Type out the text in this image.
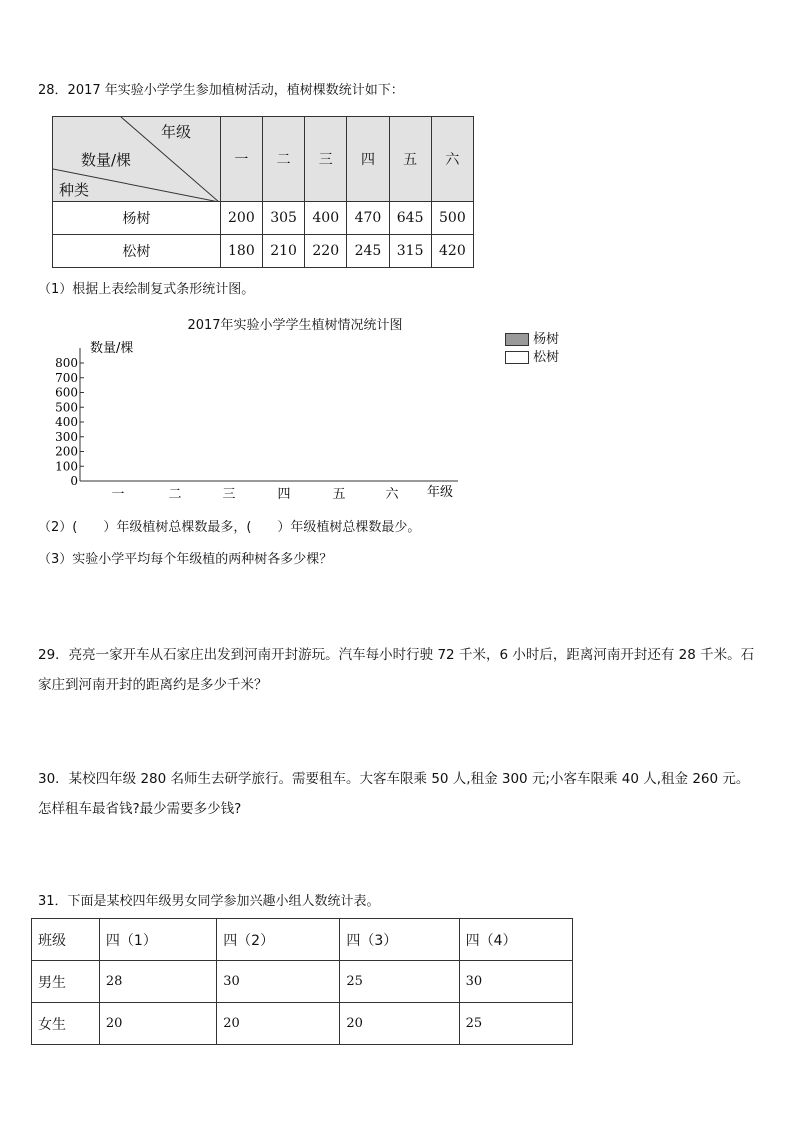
28．2017 年实验小学学生参加植树活动，植树棵数统计如下：
年级
数量/棵
种类	一	二	三	四	五	六
杨树	200	305	400	470	645	500
松树	180	210	220	245	315	420
（1）根据上表绘制复式条形统计图。
2017年实验小学学生植树情况统计图
数量/棵
800
700
600
500
400
300
200
100
0
一	二	三	四	五	六 年级
杨树
松树
（2）(　　）年级植树总棵数最多，(　　）年级植树总棵数最少。
（3）实验小学平均每个年级植的两种树各多少棵？
29．亮亮一家开车从石家庄出发到河南开封游玩。汽车每小时行驶 72 千米，6 小时后，距离河南开封还有 28 千米。石家庄到河南开封的距离约是多少千米？
30．某校四年级 280 名师生去研学旅行。需要租车。大客车限乘 50 人,租金 300 元;小客车限乘 40 人,租金 260 元。怎样租车最省钱?最少需要多少钱?
31．下面是某校四年级男女同学参加兴趣小组人数统计表。
班级	四（1）	四（2）	四（3）	四（4）
男生	28	30	25	30
女生	20	20	20	25
